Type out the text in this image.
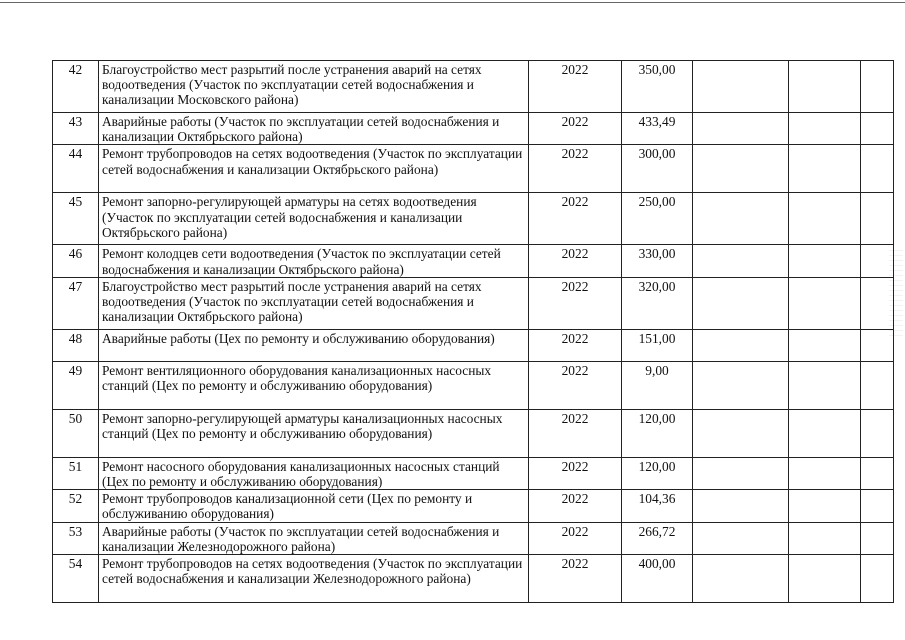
42	Благоустройство мест разрытий после устранения аварий на сетях водоотведения (Участок по эксплуатации сетей водоснабжения и канализации Московского района)	2022	350,00			
43	Аварийные работы (Участок по эксплуатации сетей водоснабжения и канализации Октябрьского района)	2022	433,49			
44	Ремонт трубопроводов на сетях водоотведения (Участок по эксплуатации сетей водоснабжения и канализации Октябрьского района)	2022	300,00			
45	Ремонт запорно-регулирующей арматуры на сетях водоотведения (Участок по эксплуатации сетей водоснабжения и канализации Октябрьского района)	2022	250,00			
46	Ремонт колодцев сети водоотведения (Участок по эксплуатации сетей водоснабжения и канализации Октябрьского района)	2022	330,00			
47	Благоустройство мест разрытий после устранения аварий на сетях водоотведения (Участок по эксплуатации сетей водоснабжения и канализации Октябрьского района)	2022	320,00			
48	Аварийные работы (Цех по ремонту и обслуживанию оборудования)	2022	151,00			
49	Ремонт вентиляционного оборудования канализационных насосных станций (Цех по ремонту и обслуживанию оборудования)	2022	9,00			
50	Ремонт запорно-регулирующей арматуры канализационных насосных станций (Цех по ремонту и обслуживанию оборудования)	2022	120,00			
51	Ремонт насосного оборудования канализационных насосных станций (Цех по ремонту и обслуживанию оборудования)	2022	120,00			
52	Ремонт трубопроводов канализационной сети (Цех по ремонту и обслуживанию оборудования)	2022	104,36			
53	Аварийные работы (Участок по эксплуатации сетей водоснабжения и канализации Железнодорожного района)	2022	266,72			
54	Ремонт трубопроводов на сетях водоотведения (Участок по эксплуатации сетей водоснабжения и канализации Железнодорожного района)	2022	400,00			
